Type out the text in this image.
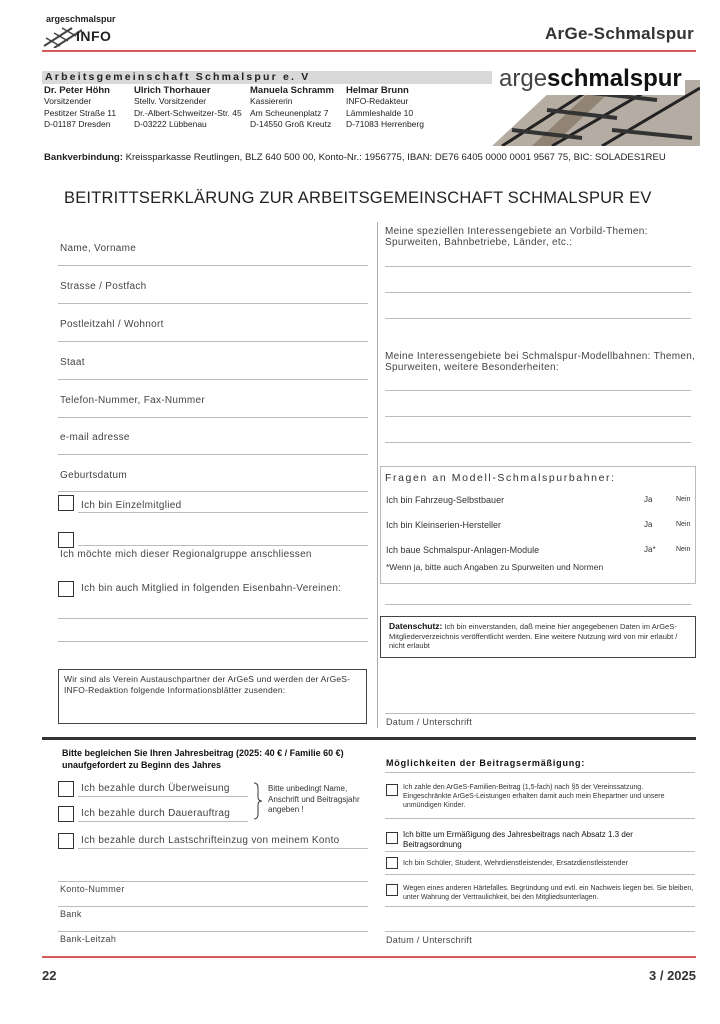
argeschmalspur
INFO	ArGe-Schmalspur
Arbeitsgemeinschaft Schmalspur e. V
Dr. Peter Höhn
Vorsitzender
Pestitzer Straße 11
D-01187 Dresden
Ulrich Thorhauer
Stellv. Vorsitzender
Dr.-Albert-Schweitzer-Str. 45
D-03222 Lübbenau
Manuela Schramm
Kassiererin
Am Scheunenplatz 7
D-14550 Groß Kreutz
Helmar Brunn
INFO-Redakteur
Lämmleshalde 10
D-71083 Herrenberg
argeschmalspur
Bankverbindung: Kreissparkasse Reutlingen, BLZ 640 500 00, Konto-Nr.: 1956775, IBAN: DE76 6405 0000 0001 9567 75, BIC: SOLADES1REU
BEITRITTSERKLÄRUNG ZUR ARBEITSGEMEINSCHAFT SCHMALSPUR EV
Name, Vorname
Strasse / Postfach
Postleitzahl / Wohnort
Staat
Telefon-Nummer, Fax-Nummer
e-mail adresse
Geburtsdatum
Ich bin Einzelmitglied
Ich möchte mich dieser Regionalgruppe anschliessen
Ich bin auch Mitglied in folgenden Eisenbahn-Vereinen:
Wir sind als Verein Austauschpartner der ArGeS und werden der ArGeS-INFO-Redaktion folgende Informationsblätter zusenden:
Meine speziellen Interessengebiete an Vorbild-Themen: Spurweiten, Bahnbetriebe, Länder, etc.:
Meine Interessengebiete bei Schmalspur-Modellbahnen: Themen, Spurweiten, weitere Besonderheiten:
Fragen an Modell-Schmalspurbahner:
Ich bin Fahrzeug-Selbstbauer	Ja	Nein
Ich bin Kleinserien-Hersteller	Ja	Nein
Ich baue Schmalspur-Anlagen-Module	Ja*	Nein
*Wenn ja, bitte auch Angaben zu Spurweiten und Normen
Datenschutz: Ich bin einverstanden, daß meine hier angegebenen Daten im ArGeS-Mitgliederverzeichnis veröffentlicht werden. Eine weitere Nutzung wird von mir erlaubt / nicht erlaubt
Datum / Unterschrift
Bitte begleichen Sie Ihren Jahresbeitrag (2025: 40 € / Familie 60 €) unaufgefordert zu Beginn des Jahres
Ich bezahle durch Überweisung
Ich bezahle durch Dauerauftrag
Bitte unbedingt Name, Anschrift und Beitragsjahr angeben !
Ich bezahle durch Lastschrifteinzug von meinem Konto
Konto-Nummer
Bank
Bank-Leitzah
Möglichkeiten der Beitragsermäßigung:
Ich zahle den ArGeS-Familien-Beitrag (1,5-fach) nach §5 der Vereinssatzung. Eingeschränkte ArGeS-Leistungen erhalten damit auch mein Ehepartner und unsere unmündigen Kinder.
Ich bitte um Ermäßigung des Jahresbeitrags nach Absatz 1.3 der Beitragsordnung
Ich bin Schüler, Student, Wehrdienstleistender, Ersatzdienstleistender
Wegen eines anderen Härtefalles. Begründung und evtl. ein Nachweis liegen bei. Sie bleiben, unter Wahrung der Vertraulichkeit, bei den Mitgliedsunterlagen.
Datum / Unterschrift
22	3 / 2025
